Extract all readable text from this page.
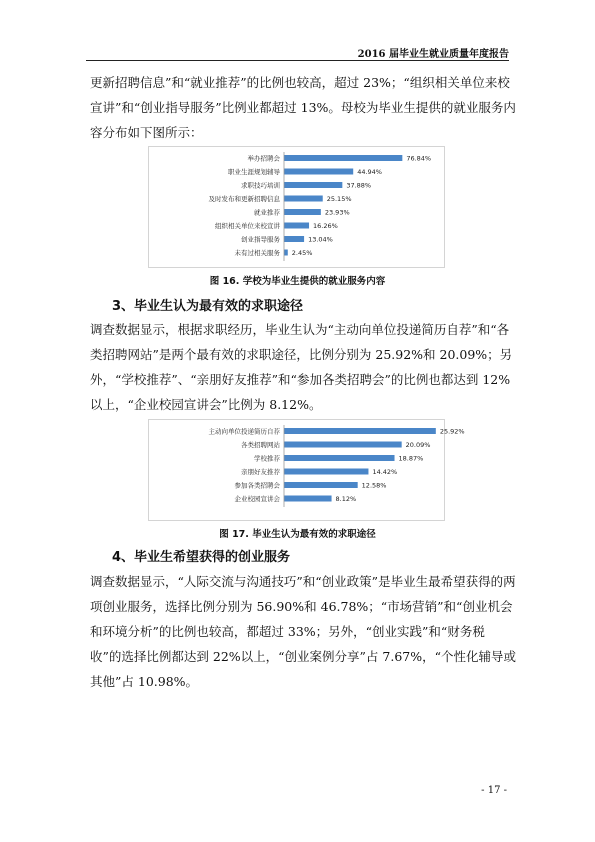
2016 届毕业生就业质量年度报告

更新招聘信息”和“就业推荐”的比例也较高，超过 23%；“组织相关单位来校宣讲”和“创业指导服务”比例业都超过 13%。母校为毕业生提供的就业服务内容分布如下图所示：

举办招聘会	76.84%
职业生涯规划辅导	44.94%
求职技巧培训	37.88%
及时发布和更新招聘信息	25.15%
就业推荐	23.93%
组织相关单位来校宣讲	16.26%
创业指导服务	13.04%
未有过相关服务 2.45%
图 16. 学校为毕业生提供的就业服务内容
3、毕业生认为最有效的求职途径

调查数据显示，根据求职经历，毕业生认为“主动向单位投递简历自荐”和“各类招聘网站”是两个最有效的求职途径，比例分别为 25.92%和 20.09%；另外，“学校推荐”、“亲朋好友推荐”和“参加各类招聘会”的比例也都达到 12%以上，“企业校园宣讲会”比例为 8.12%。

主动向单位投递简历自荐	25.92%
各类招聘网站	20.09%
学校推荐	18.87%
亲朋好友推荐	14.42%
参加各类招聘会	12.58%
企业校园宣讲会	8.12%
图 17. 毕业生认为最有效的求职途径
4、毕业生希望获得的创业服务

调查数据显示，“人际交流与沟通技巧”和“创业政策”是毕业生最希望获得的两项创业服务，选择比例分别为 56.90%和 46.78%；“市场营销”和“创业机会和环境分析”的比例也较高，都超过 33%；另外，“创业实践”和“财务税收”的选择比例都达到 22%以上，“创业案例分享”占 7.67%，“个性化辅导或其他”占 10.98%。

- 17 -
